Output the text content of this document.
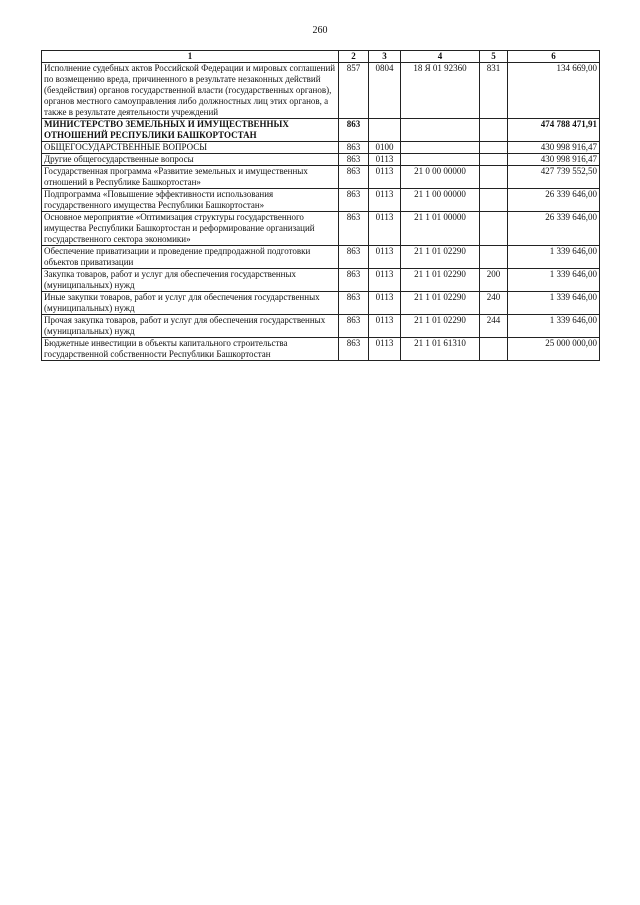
260
1	2	3	4	5	6
Исполнение судебных актов Российской Федерации и мировых соглашений по возмещению вреда, причиненного в результате незаконных действий (бездействия) органов государственной власти (государственных органов), органов местного самоуправления либо должностных лиц этих органов, а также в результате деятельности учреждений	857	0804	18 Я 01 92360	831	134 669,00
МИНИСТЕРСТВО ЗЕМЕЛЬНЫХ И ИМУЩЕСТВЕННЫХ ОТНОШЕНИЙ РЕСПУБЛИКИ БАШКОРТОСТАН	863				474 788 471,91
ОБЩЕГОСУДАРСТВЕННЫЕ ВОПРОСЫ	863	0100			430 998 916,47
Другие общегосударственные вопросы	863	0113			430 998 916,47
Государственная программа «Развитие земельных и имущественных отношений в Республике Башкортостан»	863	0113	21 0 00 00000		427 739 552,50
Подпрограмма «Повышение эффективности использования государственного имущества Республики Башкортостан»	863	0113	21 1 00 00000		26 339 646,00
Основное мероприятие «Оптимизация структуры государственного имущества Республики Башкортостан и реформирование организаций государственного сектора экономики»	863	0113	21 1 01 00000		26 339 646,00
Обеспечение приватизации и проведение предпродажной подготовки объектов приватизации	863	0113	21 1 01 02290		1 339 646,00
Закупка товаров, работ и услуг для обеспечения государственных (муниципальных) нужд	863	0113	21 1 01 02290	200	1 339 646,00
Иные закупки товаров, работ и услуг для обеспечения государственных (муниципальных) нужд	863	0113	21 1 01 02290	240	1 339 646,00
Прочая закупка товаров, работ и услуг для обеспечения государственных (муниципальных) нужд	863	0113	21 1 01 02290	244	1 339 646,00
Бюджетные инвестиции в объекты капитального строительства государственной собственности Республики Башкортостан	863	0113	21 1 01 61310		25 000 000,00
